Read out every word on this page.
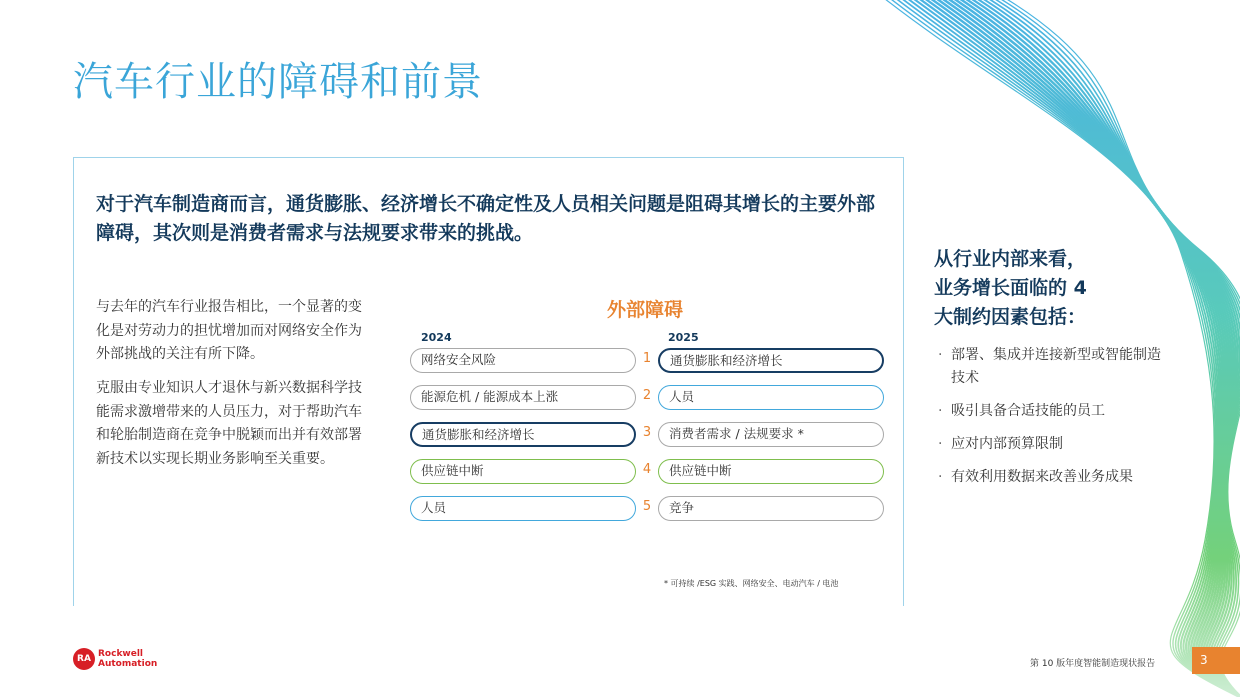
汽车行业的障碍和前景
对于汽车制造商而言，通货膨胀、经济增长不确定性及人员相关问题是阻碍其增长的主要外部障碍，其次则是消费者需求与法规要求带来的挑战。
与去年的汽车行业报告相比，一个显著的变化是对劳动力的担忧增加而对网络安全作为外部挑战的关注有所下降。
克服由专业知识人才退休与新兴数据科学技能需求激增带来的人员压力，对于帮助汽车和轮胎制造商在竞争中脱颖而出并有效部署新技术以实现长期业务影响至关重要。
外部障碍
2024	2025
网络安全风险	1	通货膨胀和经济增长
能源危机 / 能源成本上涨	2	人员
通货膨胀和经济增长	3	消费者需求 / 法规要求 *
供应链中断	4	供应链中断
人员	5	竞争
* 可持续 /ESG 实践、网络安全、电动汽车 / 电池
从行业内部来看，
业务增长面临的 4
大制约因素包括：
· 部署、集成并连接新型或智能制造技术
· 吸引具备合适技能的员工
· 应对内部预算限制
· 有效利用数据来改善业务成果
RA Rockwell
Automation	第 10 版年度智能制造现状报告	3
